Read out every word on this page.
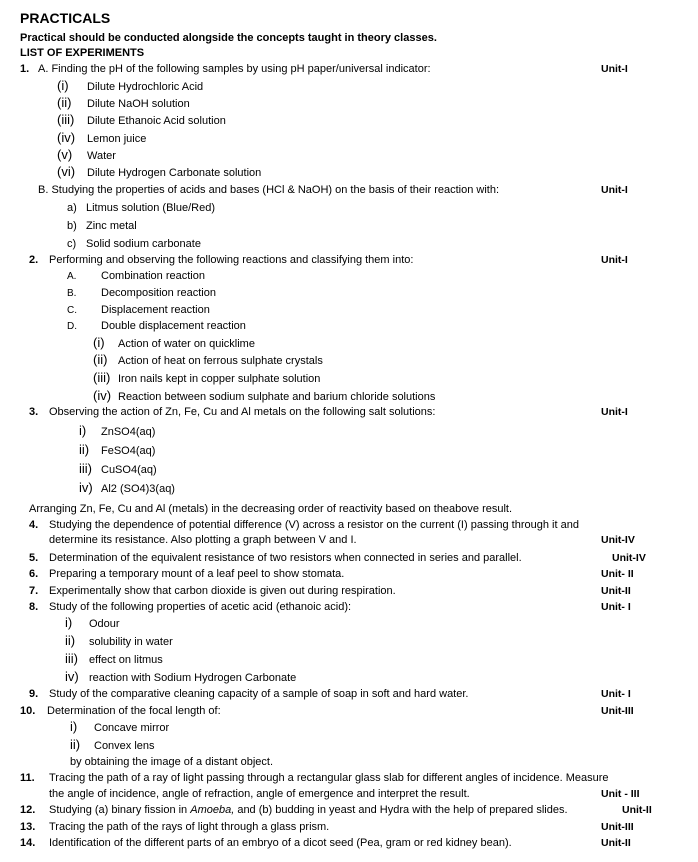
PRACTICALS
Practical should be conducted alongside the concepts taught in theory classes.
LIST OF EXPERIMENTS
1. A. Finding the pH of the following samples by using pH paper/universal indicator:	Unit-I
(i) Dilute Hydrochloric Acid
(ii) Dilute NaOH solution
(iii) Dilute Ethanoic Acid solution
(iv) Lemon juice
(v) Water
(vi) Dilute Hydrogen Carbonate solution
B. Studying the properties of acids and bases (HCl & NaOH) on the basis of their reaction with:	Unit-I
a) Litmus solution (Blue/Red)
b) Zinc metal
c) Solid sodium carbonate
2. Performing and observing the following reactions and classifying them into:	Unit-I
A. Combination reaction
B. Decomposition reaction
C. Displacement reaction
D. Double displacement reaction
(i) Action of water on quicklime
(ii) Action of heat on ferrous sulphate crystals
(iii) Iron nails kept in copper sulphate solution
(iv) Reaction between sodium sulphate and barium chloride solutions
3. Observing the action of Zn, Fe, Cu and Al metals on the following salt solutions:	Unit-I
i) ZnSO4(aq)
ii) FeSO4(aq)
iii) CuSO4(aq)
iv) Al2 (SO4)3(aq)
Arranging Zn, Fe, Cu and Al (metals) in the decreasing order of reactivity based on theabove result.
4. Studying the dependence of potential difference (V) across a resistor on the current (I) passing through it and
determine its resistance. Also plotting a graph between V and I.	Unit-IV
5. Determination of the equivalent resistance of two resistors when connected in series and parallel.	Unit-IV
6. Preparing a temporary mount of a leaf peel to show stomata.	Unit- II
7. Experimentally show that carbon dioxide is given out during respiration.	Unit-II
8. Study of the following properties of acetic acid (ethanoic acid):	Unit- I
i) Odour
ii) solubility in water
iii) effect on litmus
iv) reaction with Sodium Hydrogen Carbonate
9. Study of the comparative cleaning capacity of a sample of soap in soft and hard water.	Unit- I
10. Determination of the focal length of:	Unit-III
i) Concave mirror
ii) Convex lens
by obtaining the image of a distant object.
11. Tracing the path of a ray of light passing through a rectangular glass slab for different angles of incidence. Measure
the angle of incidence, angle of refraction, angle of emergence and interpret the result.	Unit - III
12. Studying (a) binary fission in Amoeba, and (b) budding in yeast and Hydra with the help of prepared slides.	Unit-II
13. Tracing the path of the rays of light through a glass prism.	Unit-III
14. Identification of the different parts of an embryo of a dicot seed (Pea, gram or red kidney bean).	Unit-II
